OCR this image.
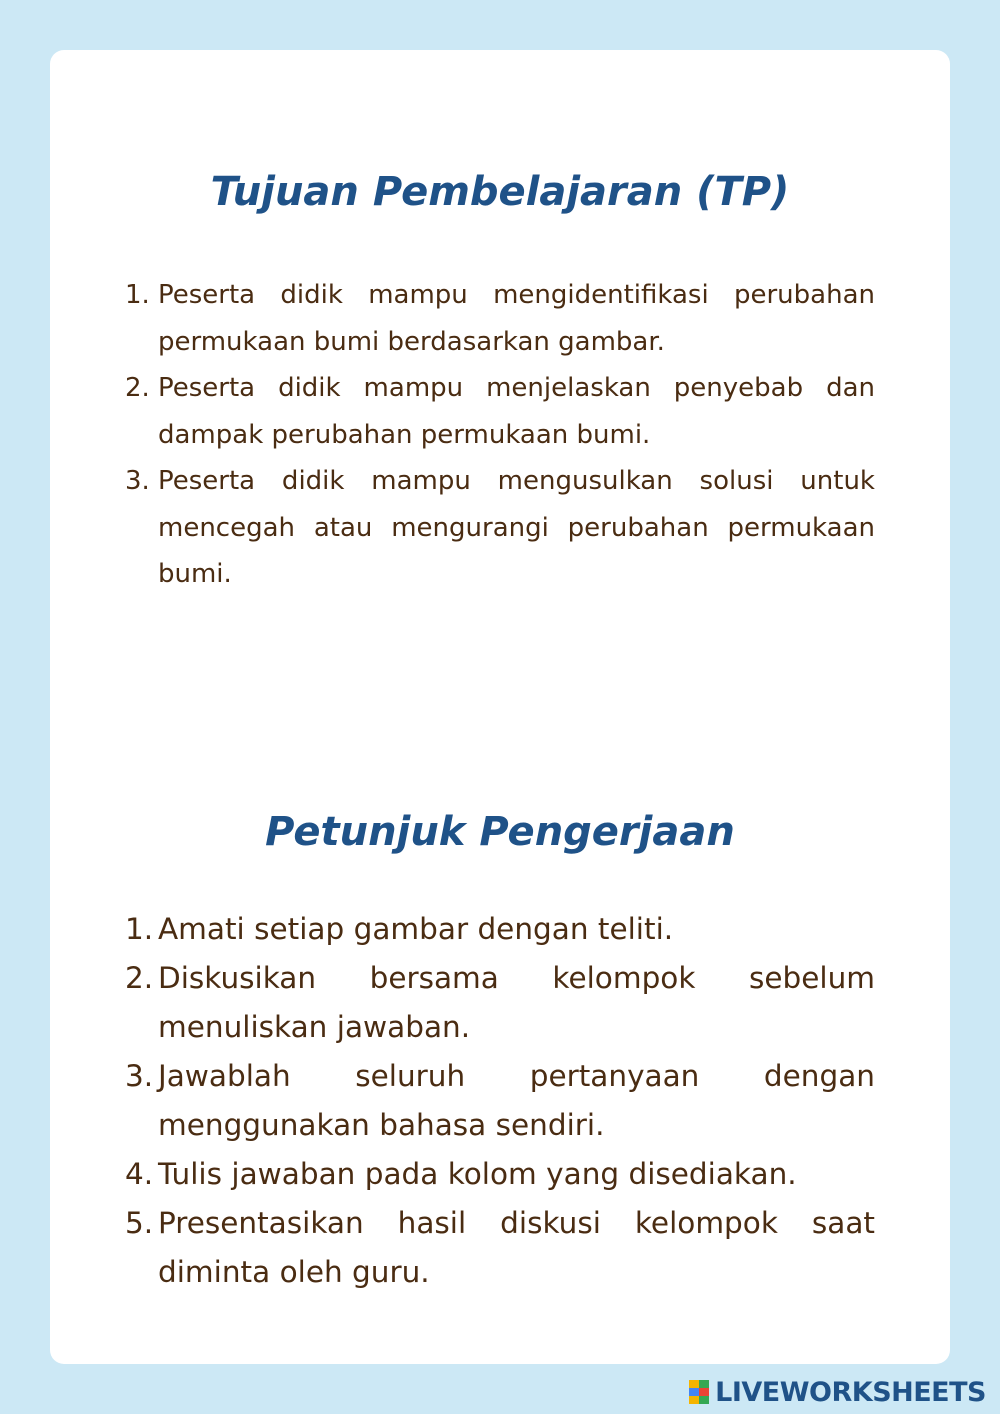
Tujuan Pembelajaran (TP)
1. Peserta didik mampu mengidentifikasi perubahan permukaan bumi berdasarkan gambar.
2. Peserta didik mampu menjelaskan penyebab dan dampak perubahan permukaan bumi.
3. Peserta didik mampu mengusulkan solusi untuk mencegah atau mengurangi perubahan permukaan bumi.
Petunjuk Pengerjaan
1. Amati setiap gambar dengan teliti.
2. Diskusikan bersama kelompok sebelum menuliskan jawaban.
3. Jawablah seluruh pertanyaan dengan menggunakan bahasa sendiri.
4. Tulis jawaban pada kolom yang disediakan.
5. Presentasikan hasil diskusi kelompok saat diminta oleh guru.
LIVEWORKSHEETS
